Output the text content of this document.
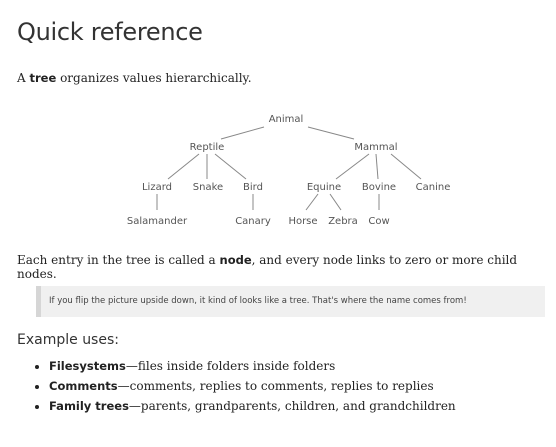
Quick reference

A tree organizes values hierarchically.

Animal
Reptile	Mammal
Lizard Snake Bird	Equine Bovine Canine
Salamander	Canary Horse Zebra Cow

Each entry in the tree is called a node, and every node links to zero or more child nodes.

If you flip the picture upside down, it kind of looks like a tree. That's where the name comes from!
Example uses:
• Filesystems—files inside folders inside folders
• Comments—comments, replies to comments, replies to replies
• Family trees—parents, grandparents, children, and grandchildren
